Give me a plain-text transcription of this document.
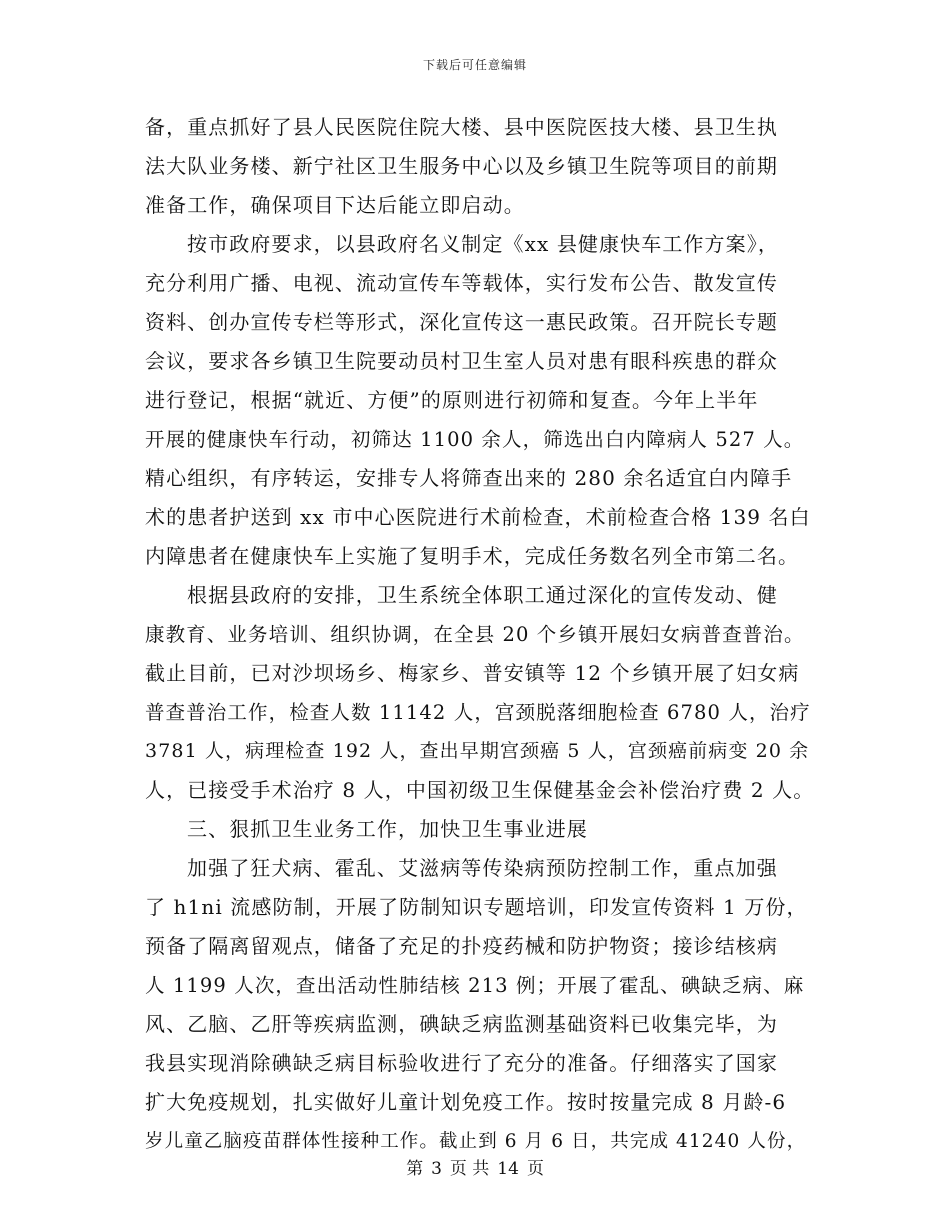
下载后可任意编辑
备，重点抓好了县人民医院住院大楼、县中医院医技大楼、县卫生执
法大队业务楼、新宁社区卫生服务中心以及乡镇卫生院等项目的前期
准备工作，确保项目下达后能立即启动。
按市政府要求，以县政府名义制定《xx 县健康快车工作方案》，
充分利用广播、电视、流动宣传车等载体，实行发布公告、散发宣传
资料、创办宣传专栏等形式，深化宣传这一惠民政策。召开院长专题
会议，要求各乡镇卫生院要动员村卫生室人员对患有眼科疾患的群众
进行登记，根据“就近、方便”的原则进行初筛和复查。今年上半年
开展的健康快车行动，初筛达 1100 余人，筛选出白内障病人 527 人。
精心组织，有序转运，安排专人将筛查出来的 280 余名适宜白内障手
术的患者护送到 xx 市中心医院进行术前检查，术前检查合格 139 名白
内障患者在健康快车上实施了复明手术，完成任务数名列全市第二名。
根据县政府的安排，卫生系统全体职工通过深化的宣传发动、健
康教育、业务培训、组织协调，在全县 20 个乡镇开展妇女病普查普治。
截止目前，已对沙坝场乡、梅家乡、普安镇等 12 个乡镇开展了妇女病
普查普治工作，检查人数 11142 人，宫颈脱落细胞检查 6780 人，治疗
3781 人，病理检查 192 人，查出早期宫颈癌 5 人，宫颈癌前病变 20 余
人，已接受手术治疗 8 人，中国初级卫生保健基金会补偿治疗费 2 人。
三、狠抓卫生业务工作，加快卫生事业进展
加强了狂犬病、霍乱、艾滋病等传染病预防控制工作，重点加强
了 h1ni 流感防制，开展了防制知识专题培训，印发宣传资料 1 万份，
预备了隔离留观点，储备了充足的扑疫药械和防护物资；接诊结核病
人 1199 人次，查出活动性肺结核 213 例；开展了霍乱、碘缺乏病、麻
风、乙脑、乙肝等疾病监测，碘缺乏病监测基础资料已收集完毕，为
我县实现消除碘缺乏病目标验收进行了充分的准备。仔细落实了国家
扩大免疫规划，扎实做好儿童计划免疫工作。按时按量完成 8 月龄-6
岁儿童乙脑疫苗群体性接种工作。截止到 6 月 6 日，共完成 41240 人份，
第 3 页 共 14 页
